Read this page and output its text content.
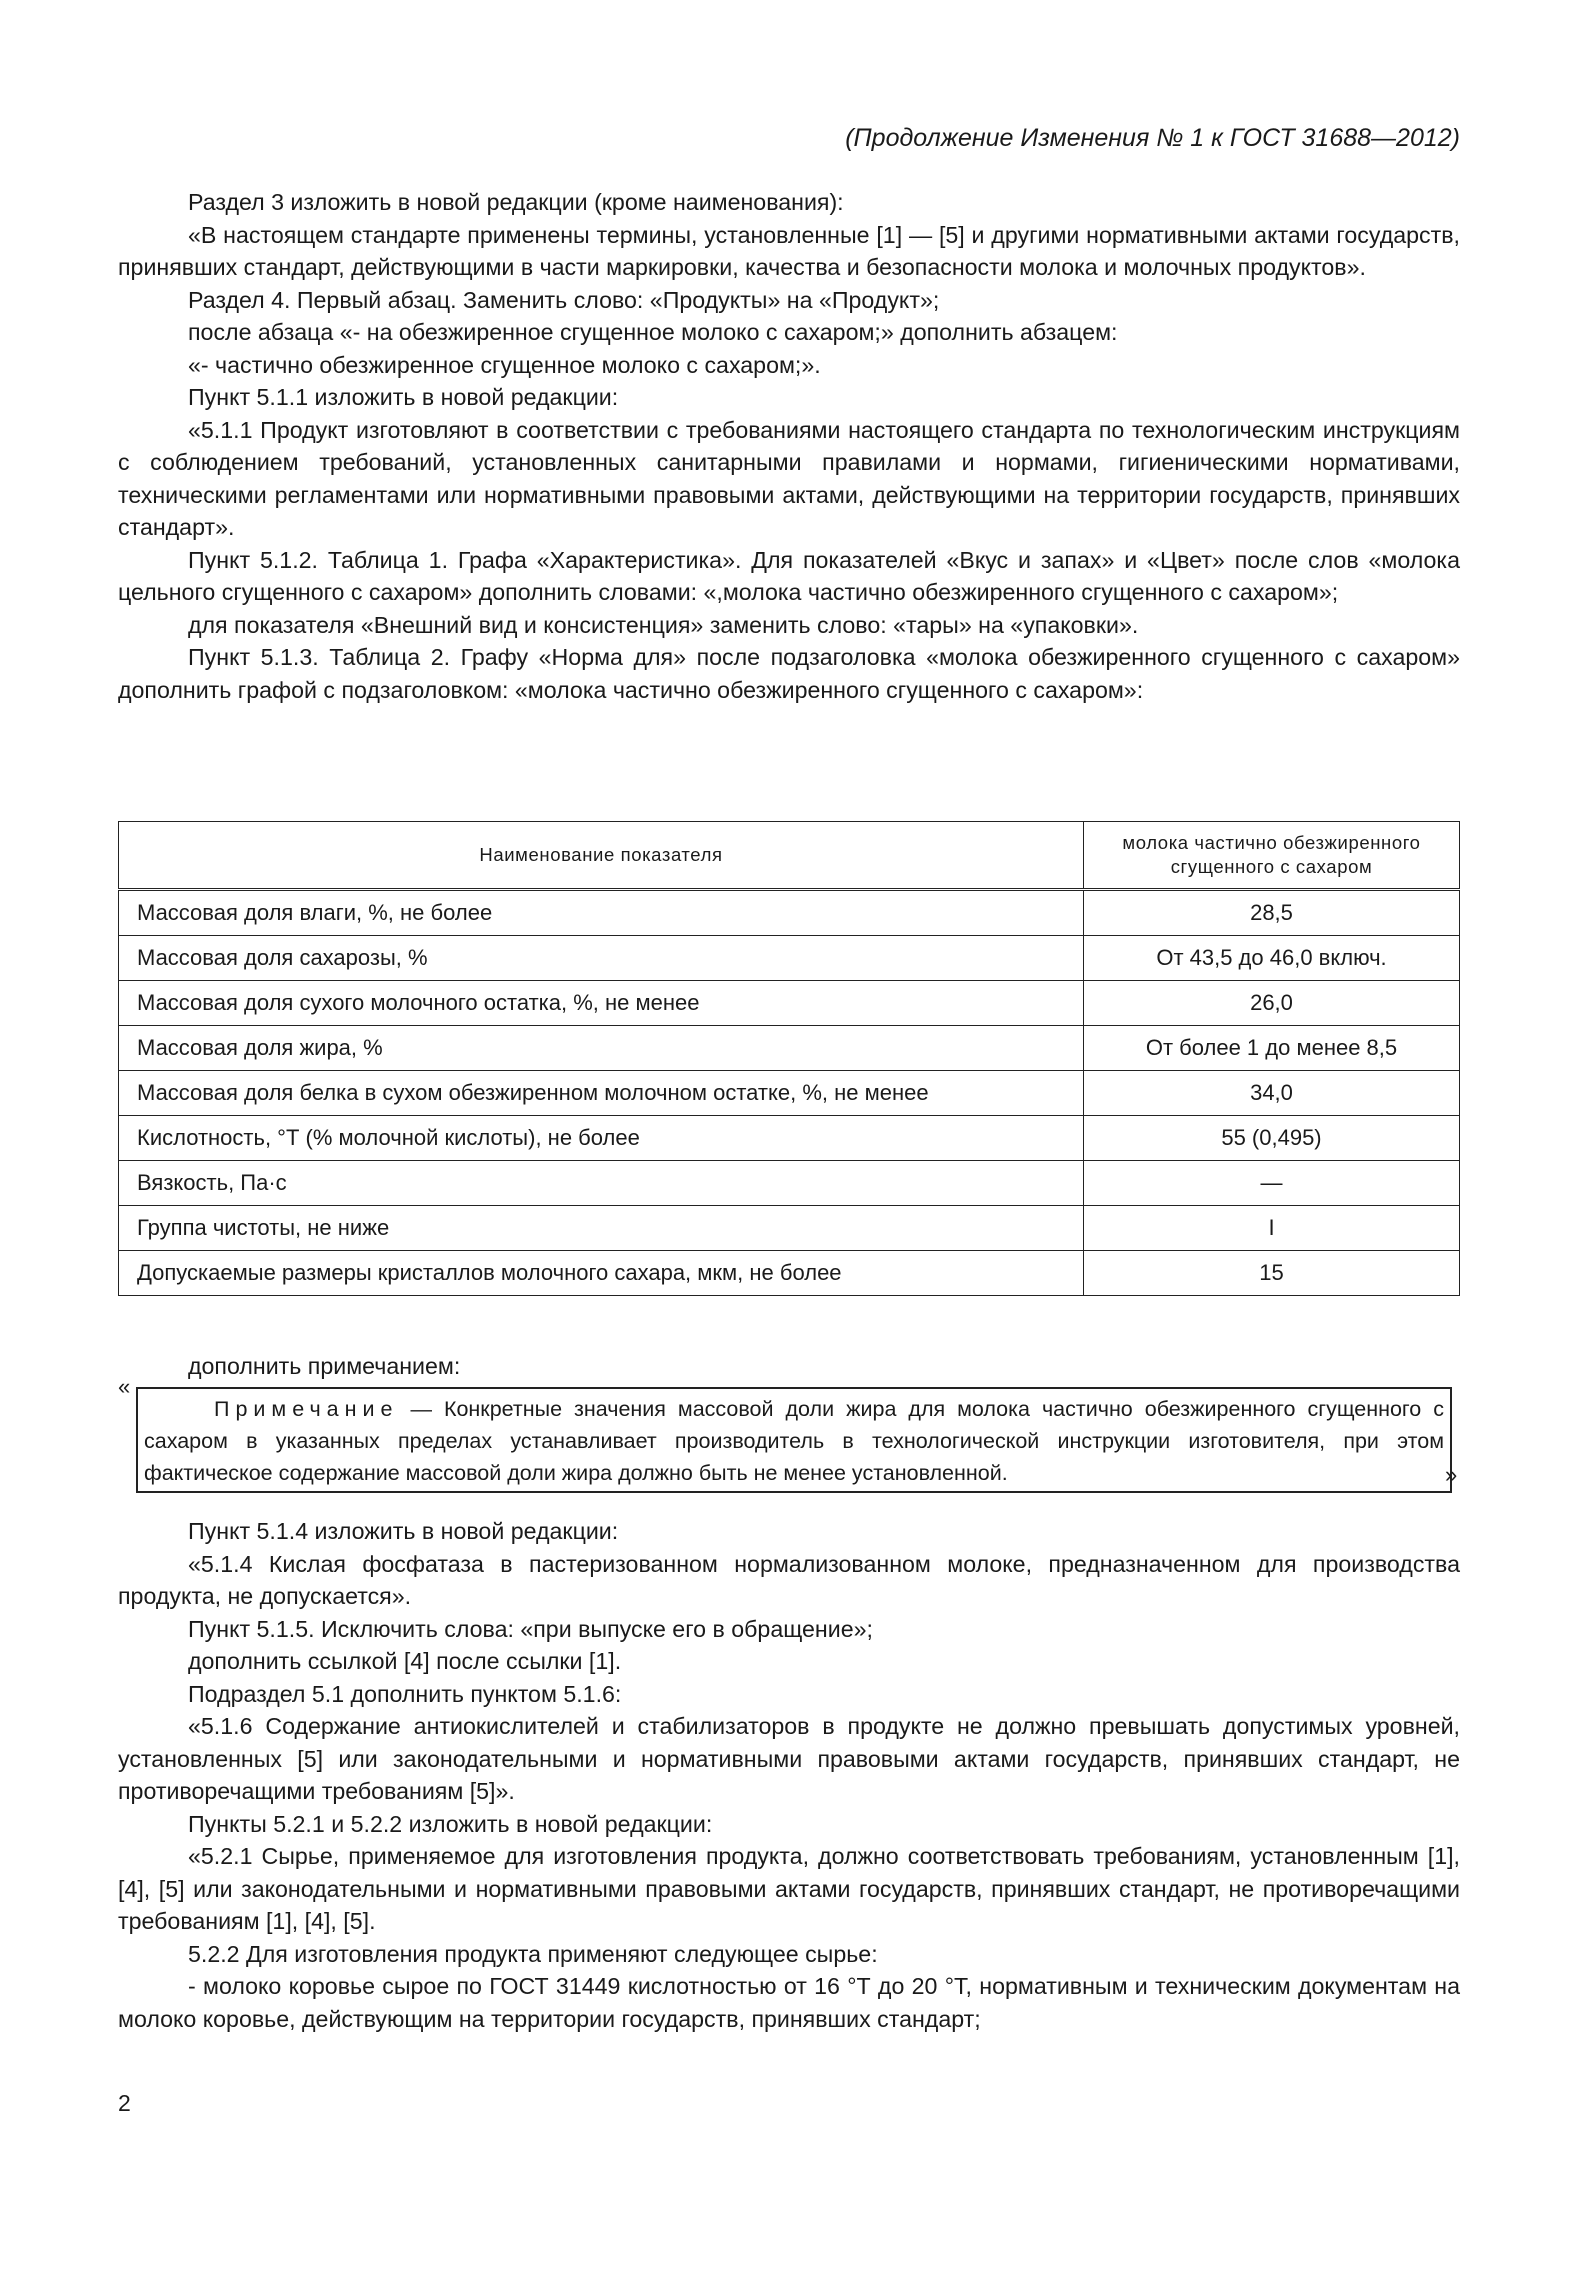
(Продолжение Изменения № 1 к ГОСТ 31688—2012)

Раздел 3 изложить в новой редакции (кроме наименования):

«В настоящем стандарте применены термины, установленные [1] — [5] и другими нормативными актами государств, принявших стандарт, действующими в части маркировки, качества и безопасности молока и молочных продуктов».

Раздел 4. Первый абзац. Заменить слово: «Продукты» на «Продукт»;

после абзаца «- на обезжиренное сгущенное молоко с сахаром;» дополнить абзацем:

«- частично обезжиренное сгущенное молоко с сахаром;».

Пункт 5.1.1 изложить в новой редакции:

«5.1.1 Продукт изготовляют в соответствии с требованиями настоящего стандарта по технологическим инструкциям с соблюдением требований, установленных санитарными правилами и нормами, гигиеническими нормативами, техническими регламентами или нормативными правовыми актами, действующими на территории государств, принявших стандарт».

Пункт 5.1.2. Таблица 1. Графа «Характеристика». Для показателей «Вкус и запах» и «Цвет» после слов «молока цельного сгущенного с сахаром» дополнить словами: «,молока частично обезжиренного сгущенного с сахаром»;

для показателя «Внешний вид и консистенция» заменить слово: «тары» на «упаковки».

Пункт 5.1.3. Таблица 2. Графу «Норма для» после подзаголовка «молока обезжиренного сгущенного с сахаром» дополнить графой с подзаголовком: «молока частично обезжиренного сгущенного с сахаром»:

Наименование показателя	молока частично обезжиренного сгущенного с сахаром
Массовая доля влаги, %, не более	28,5
Массовая доля сахарозы, %	От 43,5 до 46,0 включ.
Массовая доля сухого молочного остатка, %, не менее	26,0
Массовая доля жира, %	От более 1 до менее 8,5
Массовая доля белка в сухом обезжиренном молочном остатке, %, не менее	34,0
Кислотность, °Т (% молочной кислоты), не более	55 (0,495)
Вязкость, Па·с	—
Группа чистоты, не ниже	I
Допускаемые размеры кристаллов молочного сахара, мкм, не более	15
дополнить примечанием:
«
Примечание — Конкретные значения массовой доли жира для молока частично обезжиренного сгущенного с сахаром в указанных пределах устанавливает производитель в технологической инструкции изготовителя, при этом фактическое содержание массовой доли жира должно быть не менее установленной.	»

Пункт 5.1.4 изложить в новой редакции:

«5.1.4 Кислая фосфатаза в пастеризованном нормализованном молоке, предназначенном для производства продукта, не допускается».

Пункт 5.1.5. Исключить слова: «при выпуске его в обращение»;

дополнить ссылкой [4] после ссылки [1].

Подраздел 5.1 дополнить пунктом 5.1.6:

«5.1.6 Содержание антиокислителей и стабилизаторов в продукте не должно превышать допустимых уровней, установленных [5] или законодательными и нормативными правовыми актами государств, принявших стандарт, не противоречащими требованиям [5]».

Пункты 5.2.1 и 5.2.2 изложить в новой редакции:

«5.2.1 Сырье, применяемое для изготовления продукта, должно соответствовать требованиям, установленным [1], [4], [5] или законодательными и нормативными правовыми актами государств, принявших стандарт, не противоречащими требованиям [1], [4], [5].

5.2.2 Для изготовления продукта применяют следующее сырье:

- молоко коровье сырое по ГОСТ 31449 кислотностью от 16 °Т до 20 °Т, нормативным и техническим документам на молоко коровье, действующим на территории государств, принявших стандарт;

2
